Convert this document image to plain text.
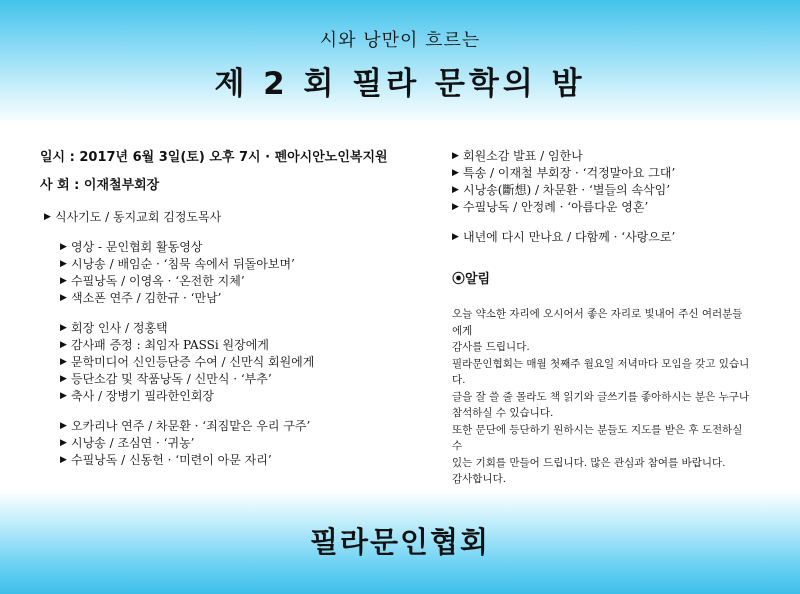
시와 낭만이 흐르는
제 2 회 필라 문학의 밤
일시 : 2017년 6월 3일(토) 오후 7시 · 펜아시안노인복지원
사 회 : 이재철부회장
▶ 식사기도 / 동지교회 김정도목사
▶ 영상 - 문인협회 활동영상
▶ 시낭송 / 배임순 · ‘침묵 속에서 뒤돌아보며’
▶ 수필낭독 / 이영옥 · ‘온전한 지체’
▶ 색소폰 연주 / 김한규 · ‘만남’
▶ 회장 인사 / 정홍택
▶ 감사패 증정 : 최임자 PASSi 원장에게
▶ 문학미디어 신인등단증 수여 / 신만식 회원에게
▶ 등단소감 및 작품낭독 / 신만식 · ‘부추’
▶ 축사 / 장병기 필라한인회장
▶ 오카리나 연주 / 차문환 · ‘죄짐맡은 우리 구주’
▶ 시낭송 / 조심연 · ‘귀농’
▶ 수필낭독 / 신동헌 · ‘미련이 아문 자리’
▶ 회원소감 발표 / 임한나
▶ 특송 / 이재철 부회장 · ‘걱정말아요 그대’
▶ 시낭송(斷想) / 차문환 · ‘별들의 속삭임’
▶ 수필낭독 / 안정례 · ‘아름다운 영혼’
▶ 내년에 다시 만나요 / 다함께 · ‘사랑으로’
⦿알림
오늘 약소한 자리에 오시어서 좋은 자리로 빛내어 주신 여러분들에게
감사를 드립니다.
필라문인협회는 매월 첫째주 월요일 저녁마다 모임을 갖고 있습니다.
글을 잘 쓸 줄 몰라도 책 읽기와 글쓰기를 좋아하시는 분은 누구나
참석하실 수 있습니다.
또한 문단에 등단하기 원하시는 분들도 지도를 받은 후 도전하실 수
있는 기회를 만들어 드립니다. 많은 관심과 참여를 바랍니다.
감사합니다.
필라문인협회
